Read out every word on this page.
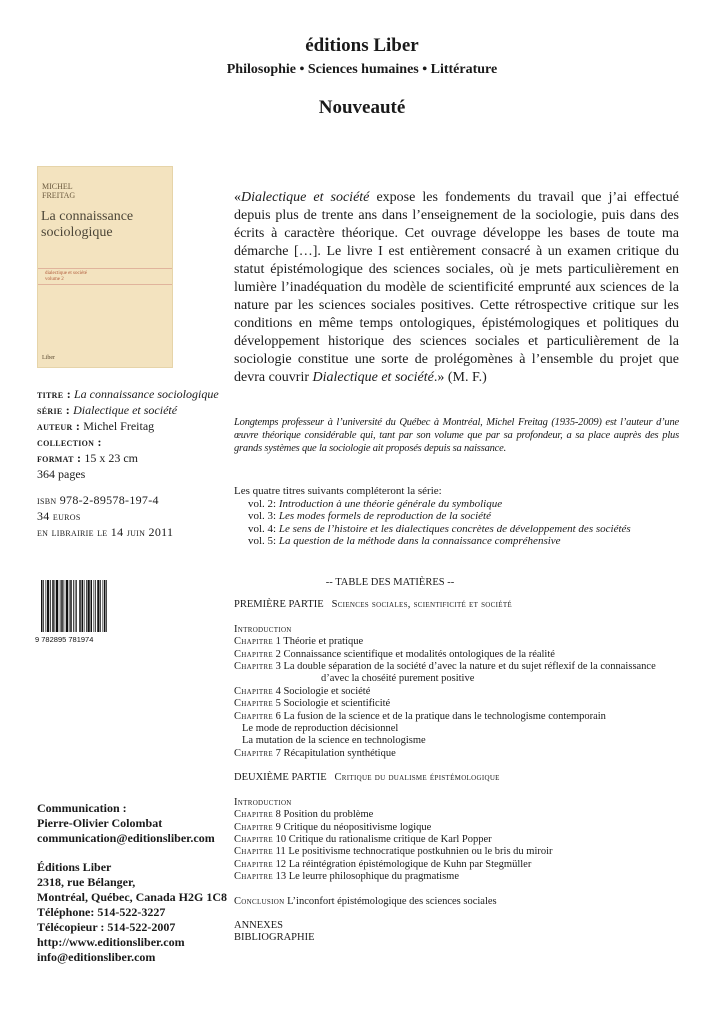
éditions Liber
Philosophie • Sciences humaines • Littérature
Nouveauté
MICHEL
FREITAG
La connaissance
sociologique
dialectique et société
volume 2
Liber
titre : La connaissance sociologique
série : Dialectique et société
auteur : Michel Freitag
collection :
format : 15 x 23 cm
364 pages
isbn 978-2-89578-197-4
34 euros
en librairie le 14 juin 2011
9 782895 781974
Communication :
Pierre-Olivier Colombat
communication@editionsliber.com
Éditions Liber
2318, rue Bélanger,
Montréal, Québec, Canada H2G 1C8
Téléphone: 514-522-3227
Télécopieur : 514-522-2007
http://www.editionsliber.com
info@editionsliber.com
«Dialectique et société expose les fondements du travail que j’ai effectué depuis plus de trente ans dans l’enseignement de la sociologie, puis dans des écrits à caractère théorique. Cet ouvrage développe les bases de toute ma démarche […]. Le livre I est entièrement consacré à un examen critique du statut épistémologique des sciences sociales, où je mets particulièrement en lumière l’inadéquation du modèle de scientificité emprunté aux sciences de la nature par les sciences sociales positives. Cette rétrospective critique sur les conditions en même temps ontologiques, épistémologiques et politiques du développement historique des sciences sociales et particulièrement de la sociologie constitue une sorte de prolégomènes à l’ensemble du projet que devra couvrir Dialectique et société.» (M. F.)
Longtemps professeur à l’université du Québec à Montréal, Michel Freitag (1935-2009) est l’auteur d’une œuvre théorique considérable qui, tant par son volume que par sa profondeur, a sa place auprès des plus grands systèmes que la sociologie ait proposés depuis sa naissance.
Les quatre titres suivants compléteront la série:
vol. 2: Introduction à une théorie générale du symbolique
vol. 3: Les modes formels de reproduction de la société
vol. 4: Le sens de l’histoire et les dialectiques concrètes de développement des sociétés
vol. 5: La question de la méthode dans la connaissance compréhensive
-- TABLE DES MATIÈRES --
PREMIÈRE PARTIE Sciences sociales, scientificité et société
Introduction
Chapitre 1 Théorie et pratique
Chapitre 2 Connaissance scientifique et modalités ontologiques de la réalité
Chapitre 3 La double séparation de la société d’avec la nature et du sujet réflexif de la connaissance
d’avec la choséité purement positive
Chapitre 4 Sociologie et société
Chapitre 5 Sociologie et scientificité
Chapitre 6 La fusion de la science et de la pratique dans le technologisme contemporain
Le mode de reproduction décisionnel
La mutation de la science en technologisme
Chapitre 7 Récapitulation synthétique
DEUXIÈME PARTIE Critique du dualisme épistémologique
Introduction
Chapitre 8 Position du problème
Chapitre 9 Critique du néopositivisme logique
Chapitre 10 Critique du rationalisme critique de Karl Popper
Chapitre 11 Le positivisme technocratique postkuhnien ou le bris du miroir
Chapitre 12 La réintégration épistémologique de Kuhn par Stegmüller
Chapitre 13 Le leurre philosophique du pragmatisme
Conclusion L’inconfort épistémologique des sciences sociales
ANNEXES
BIBLIOGRAPHIE
